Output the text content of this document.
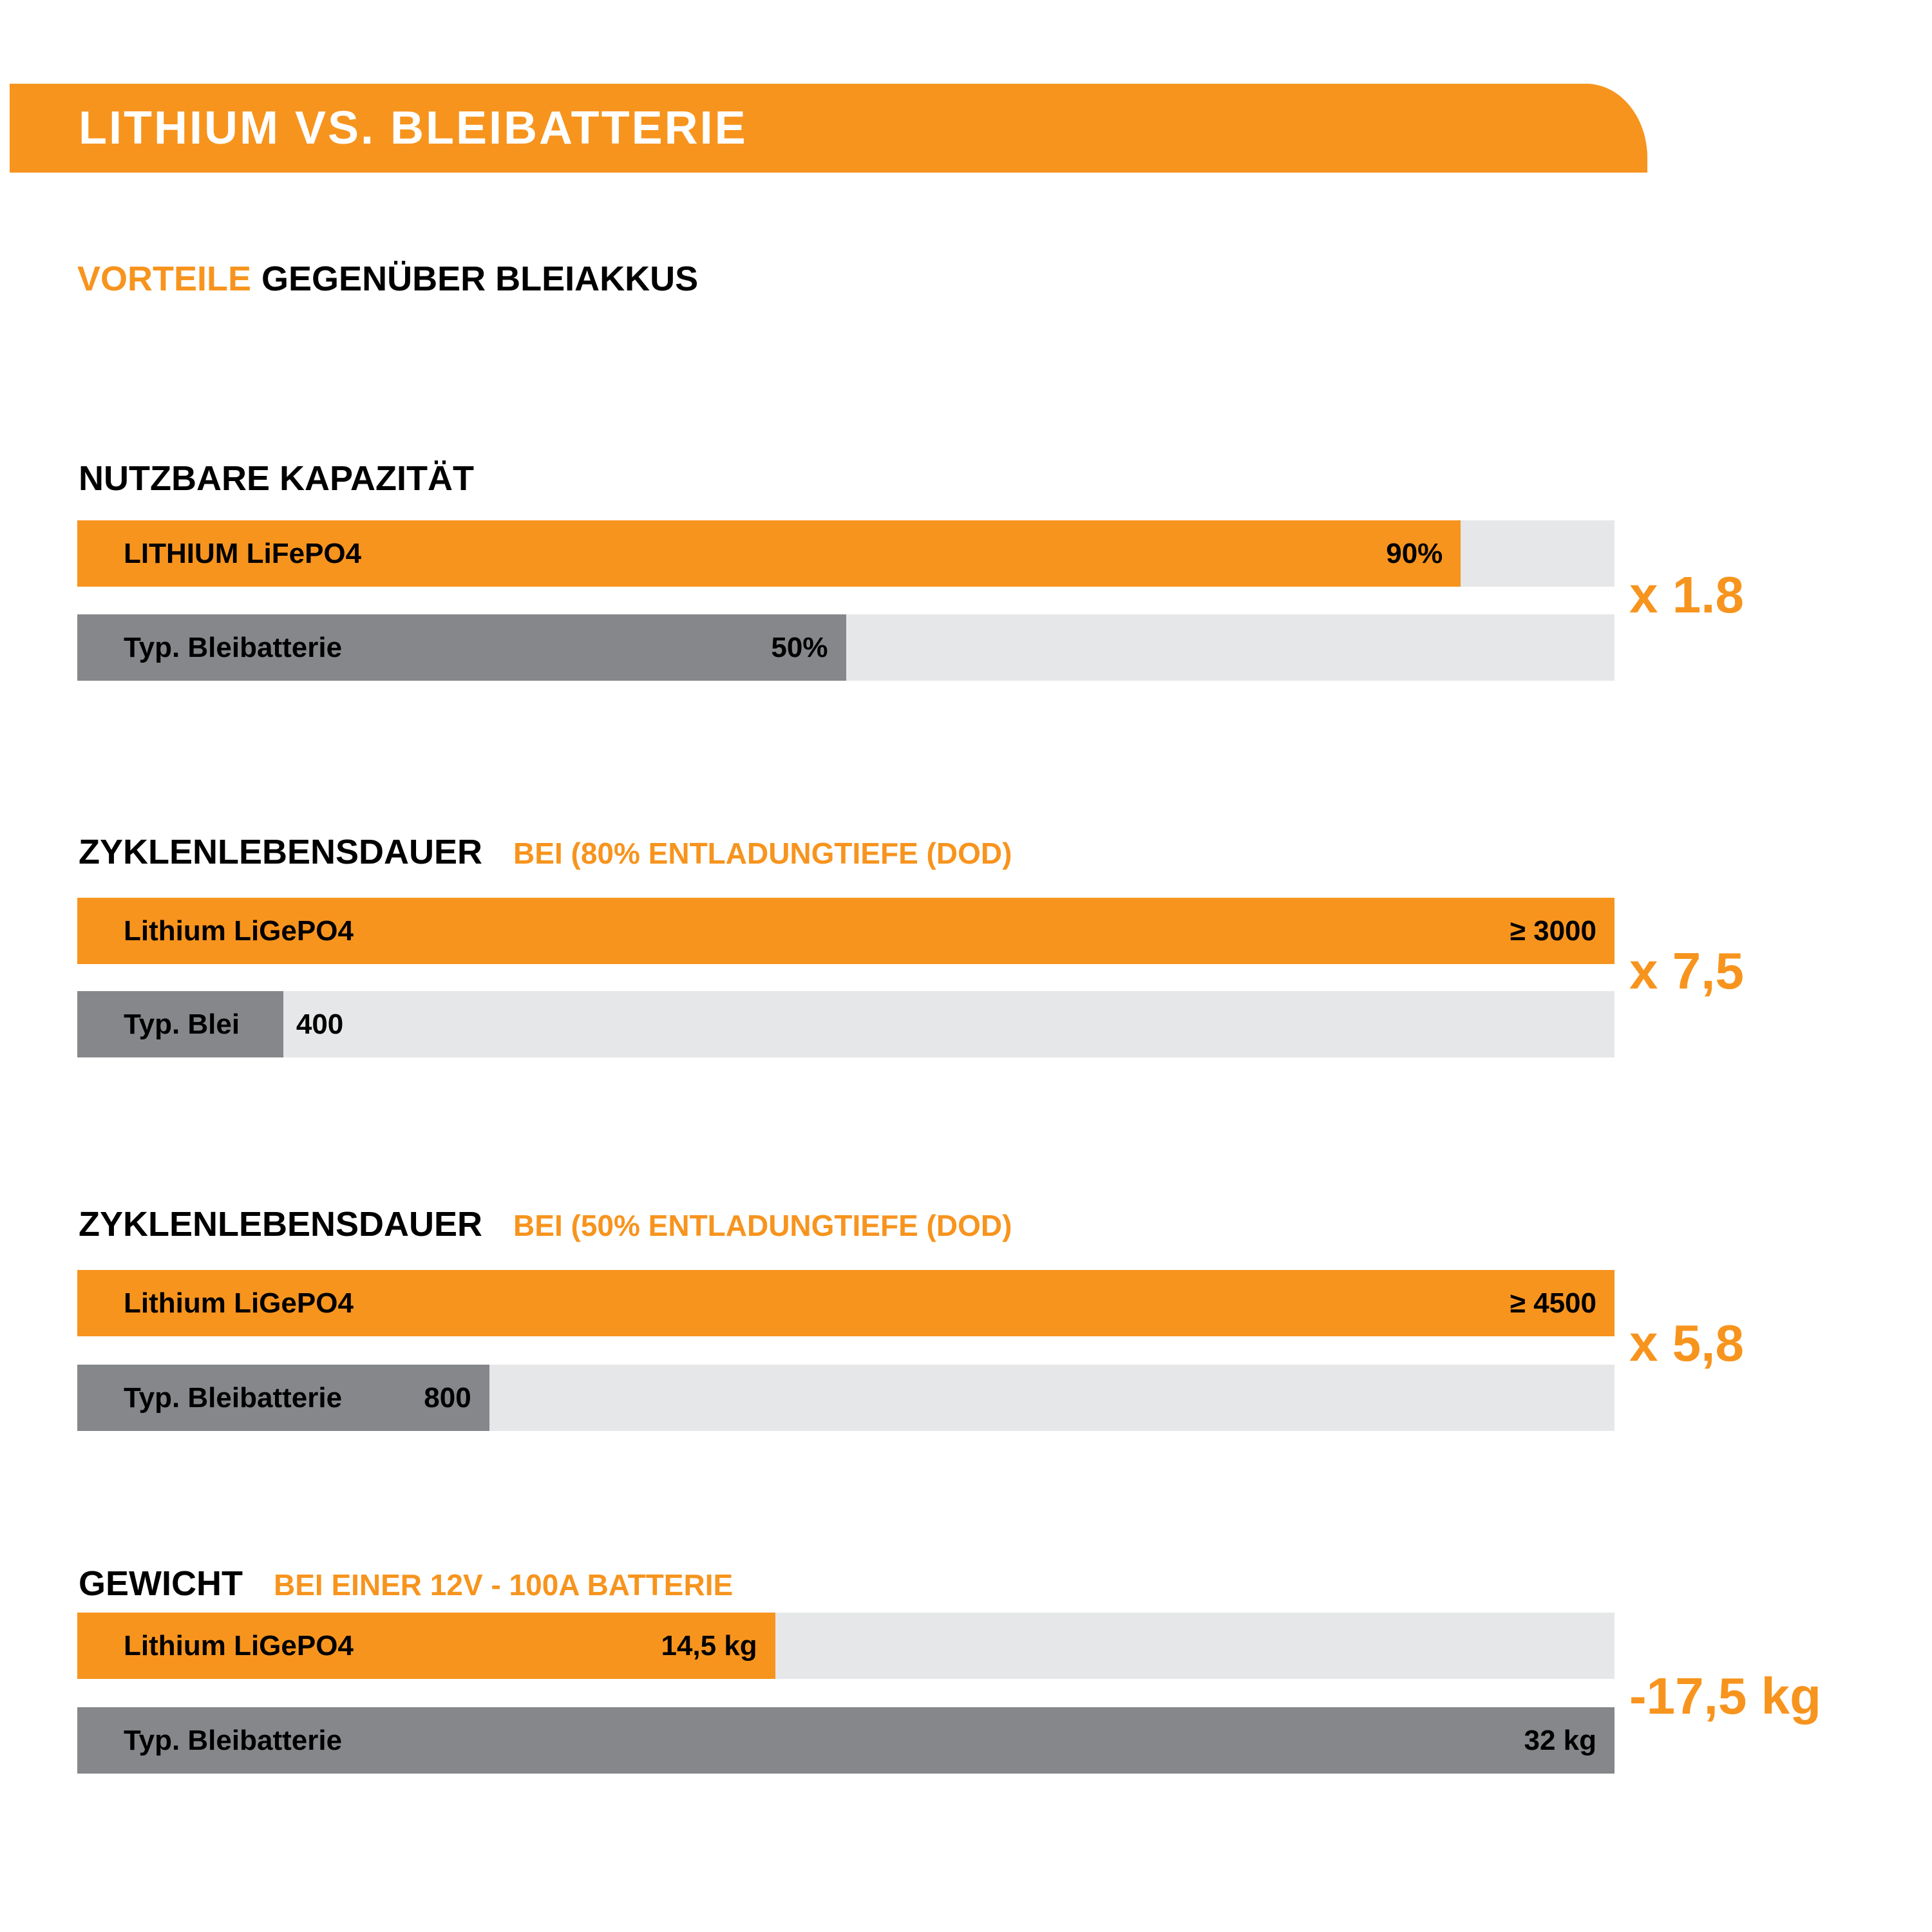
LITHIUM VS. BLEIBATTERIE
VORTEILE GEGENÜBER BLEIAKKUS
NUTZBARE KAPAZITÄT
LITHIUM LiFePO4	90%
Typ. Bleibatterie	50%
x 1.8
ZYKLENLEBENSDAUER BEI (80% ENTLADUNGTIEFE (DOD)
Lithium LiGePO4	≥ 3000
Typ. Blei 400
x 7,5
ZYKLENLEBENSDAUER BEI (50% ENTLADUNGTIEFE (DOD)
Lithium LiGePO4	≥ 4500
Typ. Bleibatterie	800
x 5,8
GEWICHT BEI EINER 12V - 100A BATTERIE
Lithium LiGePO4	14,5 kg
Typ. Bleibatterie	32 kg
-17,5 kg
